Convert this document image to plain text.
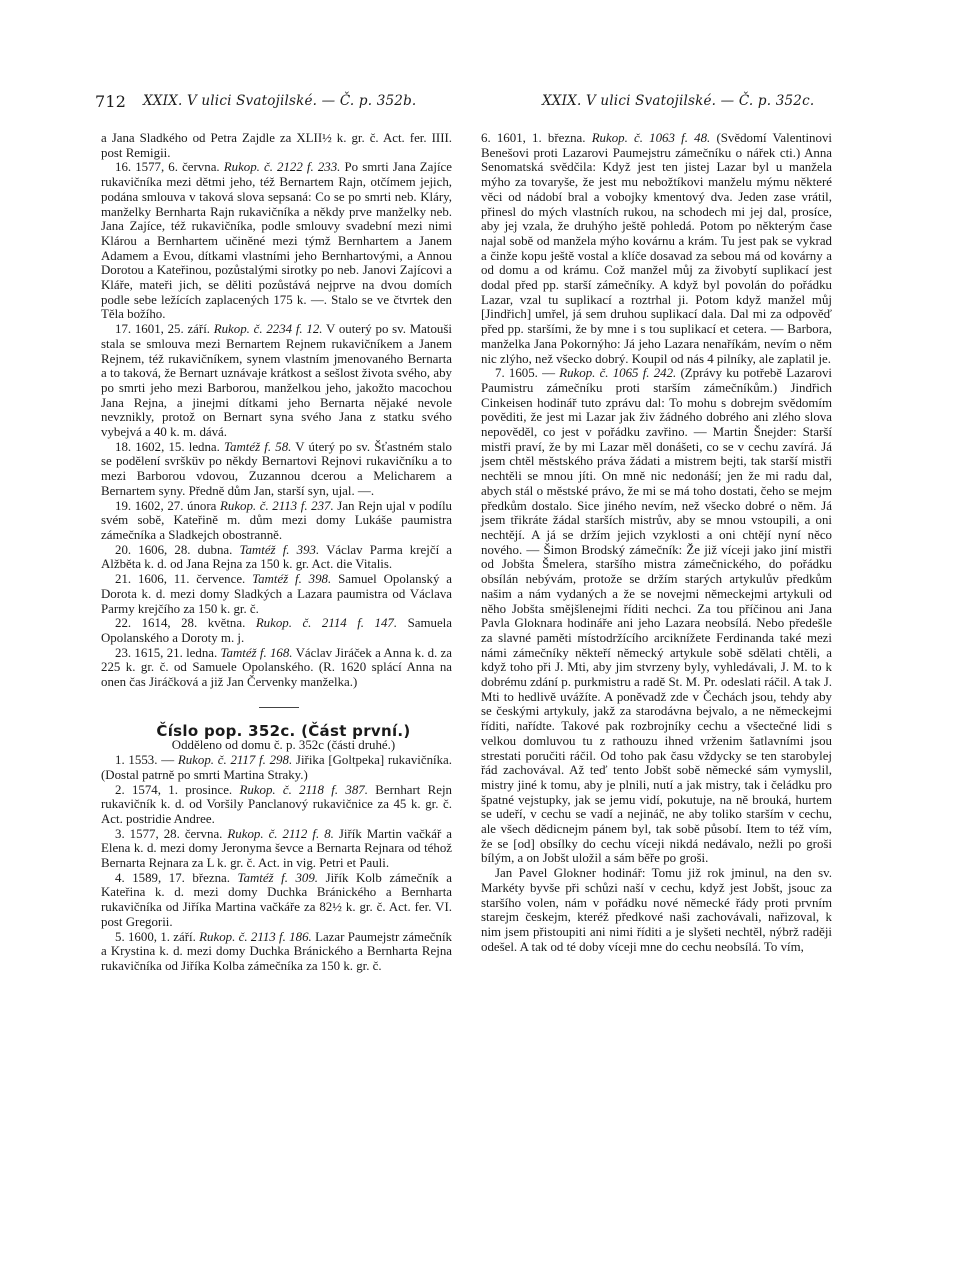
712 XXIX. V ulici Svatojilské. — Č. p. 352b.	XXIX. V ulici Svatojilské. — Č. p. 352c.

a Jana Sladkého od Petra Zajdle za XLII½ k. gr. č. Act. fer. IIII. post Remigii.

16. 1577, 6. června. Rukop. č. 2122 f. 233. Po smrti Jana Zajíce rukavičníka mezi dětmi jeho, též Bernartem Rajn, otčímem jejich, podána smlouva v taková slova sepsaná: Co se po smrti neb. Kláry, manželky Bernharta Rajn rukavičníka a někdy prve manželky neb. Jana Zajíce, též rukavičníka, podle smlouvy svadební mezi nimi Klárou a Bernhartem učiněné mezi týmž Bernhartem a Janem Adamem a Evou, dítkami vlastními jeho Bernhartovými, a Annou Dorotou a Kateřinou, pozůstalými sirotky po neb. Janovi Zajícovi a Kláře, mateři jich, se děliti pozůstává nejprve na dvou domích podle sebe ležících zaplacených 175 k. —. Stalo se ve čtvrtek den Těla božího.

17. 1601, 25. září. Rukop. č. 2234 f. 12. V outerý po sv. Matouši stala se smlouva mezi Bernartem Rejnem rukavičníkem a Janem Rejnem, též rukavičníkem, synem vlastním jmenovaného Bernarta a to taková, že Bernart uznávaje krátkost a sešlost života svého, aby po smrti jeho mezi Barborou, manželkou jeho, jakožto macochou Jana Rejna, a jinejmi dítkami jeho Bernarta nějaké nevole nevznikly, protož on Bernart syna svého Jana z statku svého vybejvá a 40 k. m. dává.

18. 1602, 15. ledna. Tamtéž f. 58. V úterý po sv. Šťastném stalo se podělení svršküv po někdy Bernartovi Rejnovi rukavičníku a to mezi Barborou vdovou, Zuzannou dcerou a Melicharem a Bernartem syny. Předně dům Jan, starší syn, ujal. —.

19. 1602, 27. února Rukop. č. 2113 f. 237. Jan Rejn ujal v podílu svém sobě, Kateřině m. dům mezi domy Lukáše paumistra zámečníka a Sladkejch obostranně.

20. 1606, 28. dubna. Tamtéž f. 393. Václav Parma krejčí a Alžběta k. d. od Jana Rejna za 150 k. gr. Act. die Vitalis.

21. 1606, 11. července. Tamtéž f. 398. Samuel Opolanský a Dorota k. d. mezi domy Sladkých a Lazara paumistra od Václava Parmy krejčího za 150 k. gr. č.

22. 1614, 28. května. Rukop. č. 2114 f. 147. Samuela Opolanského a Doroty m. j.

23. 1615, 21. ledna. Tamtéž f. 168. Václav Jiráček a Anna k. d. za 225 k. gr. č. od Samuele Opolanského. (R. 1620 splácí Anna na onen čas Jiráčková a již Jan Červenky manželka.)

Číslo pop. 352c. (Část první.)

Odděleno od domu č. p. 352c (části druhé.)

1. 1553. — Rukop. č. 2117 f. 298. Jiřika [Goltpeka] rukavičníka. (Dostal patrně po smrti Martina Straky.)

2. 1574, 1. prosince. Rukop. č. 2118 f. 387. Bernhart Rejn rukavičník k. d. od Voršily Panclanový rukavičnice za 45 k. gr. č. Act. postridie Andree.

3. 1577, 28. června. Rukop. č. 2112 f. 8. Jiřík Martin vačkář a Elena k. d. mezi domy Jeronyma ševce a Bernarta Rejnara od téhož Bernarta Rejnara za L k. gr. č. Act. in vig. Petri et Pauli.

4. 1589, 17. března. Tamtéž f. 309. Jiřík Kolb zámečník a Kateřina k. d. mezi domy Duchka Bránického a Bernharta rukavičníka od Jiříka Martina vačkáře za 82½ k. gr. č. Act. fer. VI. post Gregorii.

5. 1600, 1. září. Rukop. č. 2113 f. 186. Lazar Paumejstr zámečník a Krystina k. d. mezi domy Duchka Bránického a Bernharta Rejna rukavičníka od Jiříka Kolba zámečníka za 150 k. gr. č.

6. 1601, 1. března. Rukop. č. 1063 f. 48. (Svědomí Valentinovi Benešovi proti Lazarovi Paumejstru zámečníku o nářek cti.) Anna Senomatská svědčila: Když jest ten jistej Lazar byl u manžela mýho za tovaryše, že jest mu nebožtíkovi manželu mýmu některé věci od nádobí bral a vobojky kmentový dva. Jeden zase vrátil, přinesl do mých vlastních rukou, na schodech mi jej dal, prosíce, aby jej vzala, že druhýho ještě pohledá. Potom po některým čase najal sobě od manžela mýho kovárnu a krám. Tu jest pak se vykrad a činže kopu ještě vostal a klíče dosavad za sebou má od kovárny a od domu a od krámu. Což manžel můj za živobytí suplikací jest dodal před pp. starší zámečníky. A když byl povolán do pořádku Lazar, vzal tu suplikací a roztrhal ji. Potom když manžel můj [Jindřich] umřel, já sem druhou suplikací dala. Dal mi za odpověď před pp. staršími, že by mne i s tou suplikací et cetera. — Barbora, manželka Jana Pokornýho: Já jeho Lazara nenaříkám, nevím o něm nic zlýho, než všecko dobrý. Koupil od nás 4 pilníky, ale zaplatil je.

7. 1605. — Rukop. č. 1065 f. 242. (Zprávy ku potřebě Lazarovi Paumistru zámečníku proti starším zámečníkům.) Jindřich Cinkeisen hodinář tuto zprávu dal: To mohu s dobrejm svědomím pověditi, že jest mi Lazar jak živ žádného dobrého ani zlého slova nepověděl, co jest v pořádku zavřino. — Martin Šnejder: Starší mistři praví, že by mi Lazar měl donášeti, co se v cechu zavírá. Já jsem chtěl městského práva žádati a mistrem bejti, tak starší mistři nechtěli se mnou jíti. On mně nic nedonáší; jen že mi radu dal, abych stál o městské právo, že mi se má toho dostati, čeho se mejm předkům dostalo. Sice jiného nevím, než všecko dobré o něm. Já jsem třikráte žádal starších mistrův, aby se mnou vstoupili, a oni nechtějí. A já se držím jejich vzyklosti a oni chtějí nyní něco nového. — Šimon Brodský zámečník: Že již víceji jako jiní mistři od Jobšta Šmelera, staršího mistra zámečnického, do pořádku obsílán nebývám, protože se držím starých artykulův předkům našim a nám vydaných a že se novejmi německejmi artykuli od něho Jobšta smějšlenejmi říditi nechci. Za tou příčinou ani Jana Pavla Gloknara hodináře ani jeho Lazara neobsílá. Nebo předešle za slavné paměti místodržícího arciknížete Ferdinanda také mezi námi zámečníky někteří německý artykule sobě sdělati chtěli, a když toho při J. Mti, aby jim stvrzeny byly, vyhledávali, J. M. to k dobrému zdání p. purkmistru a radě St. M. Pr. odeslati ráčil. A tak J. Mti to hedlivě uvážíte. A poněvadž zde v Čechách jsou, tehdy aby se českými artykuly, jakž za starodávna bejvalo, a ne německejmi říditi, nařídte. Takové pak rozbrojníky cechu a všectečné lidi s velkou domluvou tu z rathouzu ihned vrženim šatlavními jsou strestati poručiti ráčil. Od toho pak času vždycky se ten starobylej řád zachovával. Až teď tento Jobšt sobě německé sám vymyslil, mistry jiné k tomu, aby je plnili, nutí a jak mistry, tak i čeládku pro špatné vejstupky, jak se jemu vidí, pokutuje, na ně brouká, hurtem se udeří, v cechu se vadí a nejináč, ne aby toliko starším v cechu, ale všech dědicnejm pánem byl, tak sobě působí. Item to též vím, že se [od] obsílky do cechu víceji nikdá nedávalo, nežli po groši bílým, a on Jobšt uložil a sám běře po groši.

Jan Pavel Glokner hodinář: Tomu již rok jminul, na den sv. Markéty byvše při schůzi naší v cechu, když jest Jobšt, jsouc za staršího volen, nám v pořádku nové německé řády proti prvním starejm českejm, kteréž předkové naši zachovávali, nařizoval, k nim jsem přistoupiti ani nimi říditi a je slyšeti nechtěl, nýbrž raději odešel. A tak od té doby víceji mne do cechu neobsílá. To vím,
